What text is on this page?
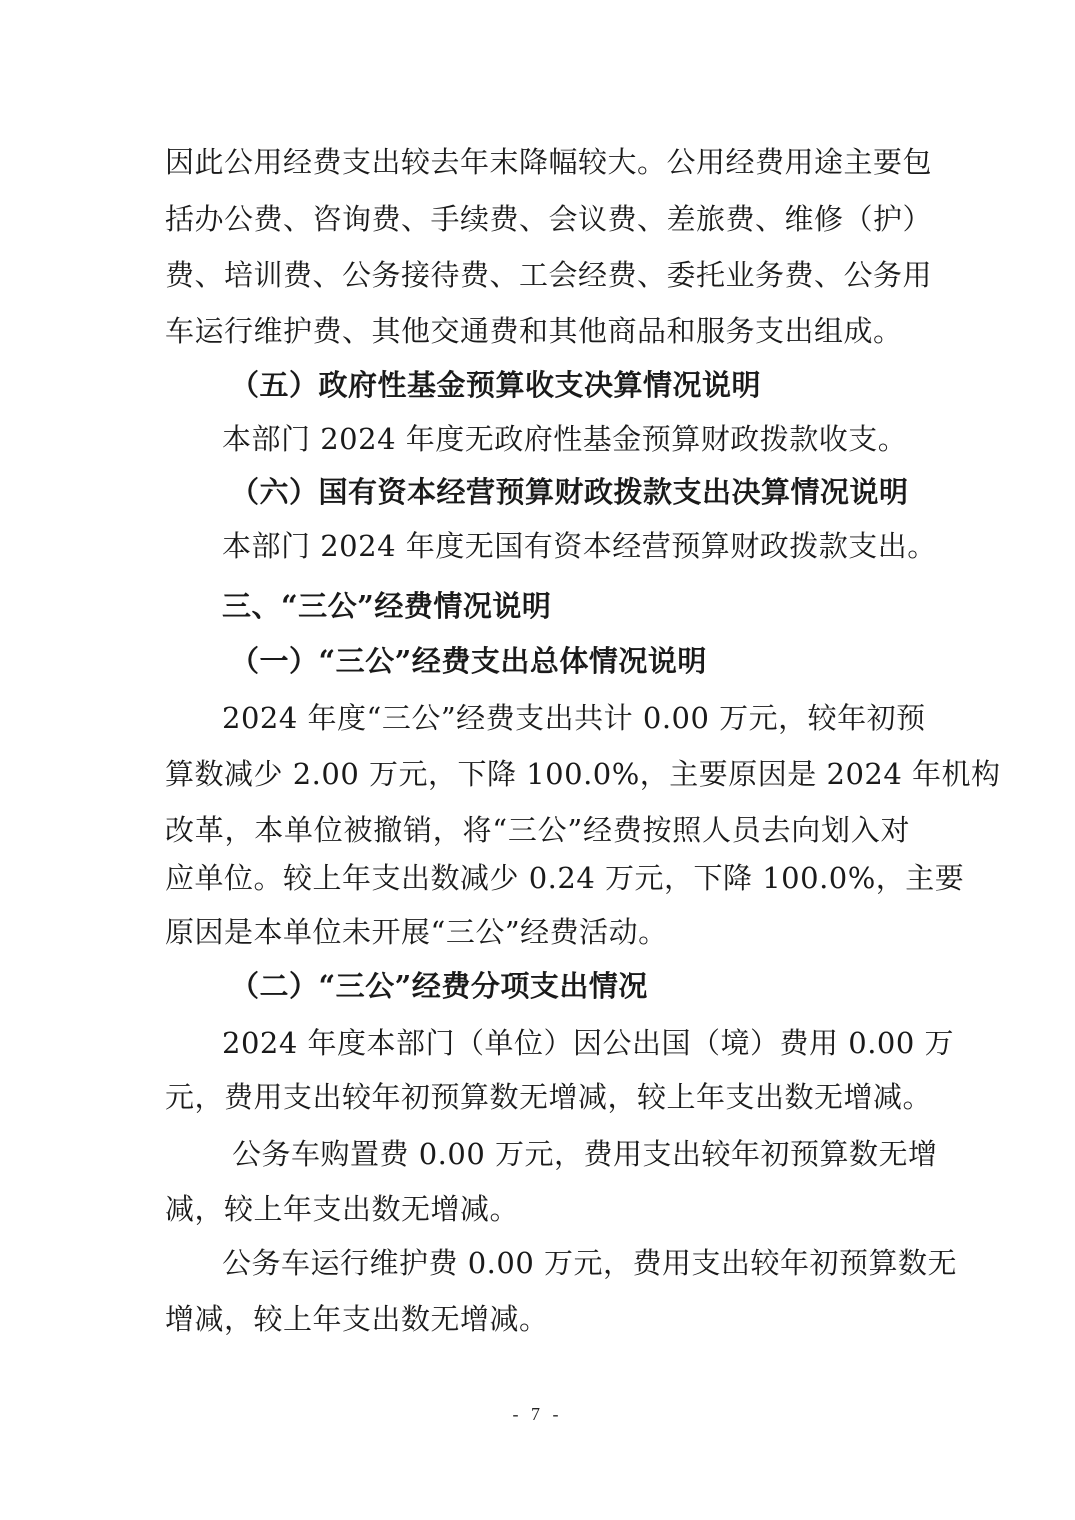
因此公用经费支出较去年末降幅较大。公用经费用途主要包
括办公费、咨询费、手续费、会议费、差旅费、维修（护）
费、培训费、公务接待费、工会经费、委托业务费、公务用
车运行维护费、其他交通费和其他商品和服务支出组成。
（五）政府性基金预算收支决算情况说明
本部门 2024 年度无政府性基金预算财政拨款收支。
（六）国有资本经营预算财政拨款支出决算情况说明
本部门 2024 年度无国有资本经营预算财政拨款支出。
三、“三公”经费情况说明
（一）“三公”经费支出总体情况说明
2024 年度“三公”经费支出共计 0.00 万元，较年初预
算数减少 2.00 万元，下降 100.0%，主要原因是 2024 年机构
改革，本单位被撤销，将“三公”经费按照人员去向划入对
应单位。较上年支出数减少 0.24 万元，下降 100.0%，主要
原因是本单位未开展“三公”经费活动。
（二）“三公”经费分项支出情况
2024 年度本部门（单位）因公出国（境）费用 0.00 万
元，费用支出较年初预算数无增减，较上年支出数无增减。
公务车购置费 0.00 万元，费用支出较年初预算数无增
减，较上年支出数无增减。
公务车运行维护费 0.00 万元，费用支出较年初预算数无
增减，较上年支出数无增减。
- 7 -
